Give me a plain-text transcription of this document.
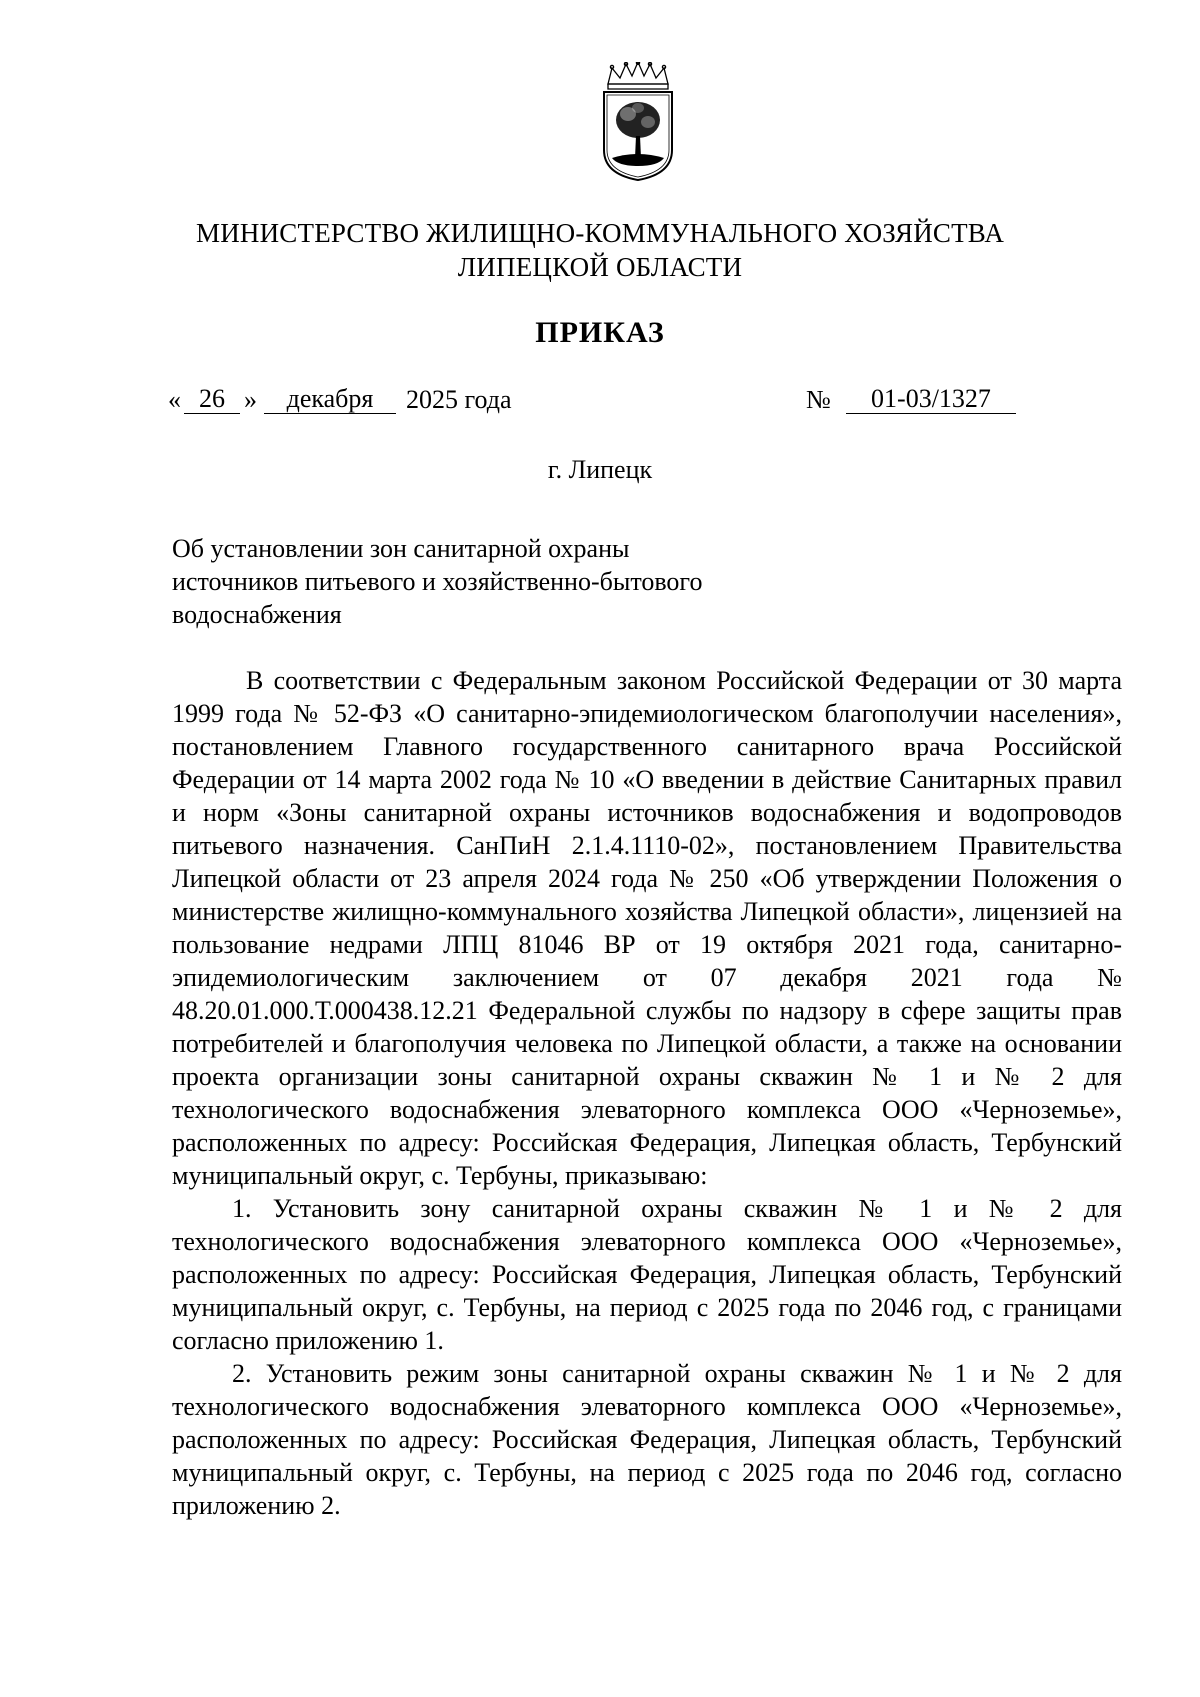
МИНИСТЕРСТВО ЖИЛИЩНО-КОММУНАЛЬНОГО ХОЗЯЙСТВА
ЛИПЕЦКОЙ ОБЛАСТИ
ПРИКАЗ
« 26 »	декабря	2025 года	№	01-03/1327
г. Липецк
Об установлении зон санитарной охраны
источников питьевого и хозяйственно-бытового
водоснабжения

В соответствии с Федеральным законом Российской Федерации от 30 марта 1999 года № 52-ФЗ «О санитарно-эпидемиологическом благополучии населения», постановлением Главного государственного санитарного врача Российской Федерации от 14 марта 2002 года № 10 «О введении в действие Санитарных правил и норм «Зоны санитарной охраны источников водоснабжения и водопроводов питьевого назначения. СанПиН 2.1.4.1110-02», постановлением Правительства Липецкой области от 23 апреля 2024 года № 250 «Об утверждении Положения о министерстве жилищно-коммунального хозяйства Липецкой области», лицензией на пользование недрами ЛПЦ 81046 ВР от 19 октября 2021 года, санитарно-эпидемиологическим заключением от 07 декабря 2021 года № 48.20.01.000.Т.000438.12.21 Федеральной службы по надзору в сфере защиты прав потребителей и благополучия человека по Липецкой области, а также на основании проекта организации зоны санитарной охраны скважин № 1 и № 2 для технологического водоснабжения элеваторного комплекса ООО «Черноземье», расположенных по адресу: Российская Федерация, Липецкая область, Тербунский муниципальный округ, с. Тербуны, приказываю:

1. Установить зону санитарной охраны скважин № 1 и № 2 для технологического водоснабжения элеваторного комплекса ООО «Черноземье», расположенных по адресу: Российская Федерация, Липецкая область, Тербунский муниципальный округ, с. Тербуны, на период с 2025 года по 2046 год, с границами согласно приложению 1.

2. Установить режим зоны санитарной охраны скважин № 1 и № 2 для технологического водоснабжения элеваторного комплекса ООО «Черноземье», расположенных по адресу: Российская Федерация, Липецкая область, Тербунский муниципальный округ, с. Тербуны, на период с 2025 года по 2046 год, согласно приложению 2.
